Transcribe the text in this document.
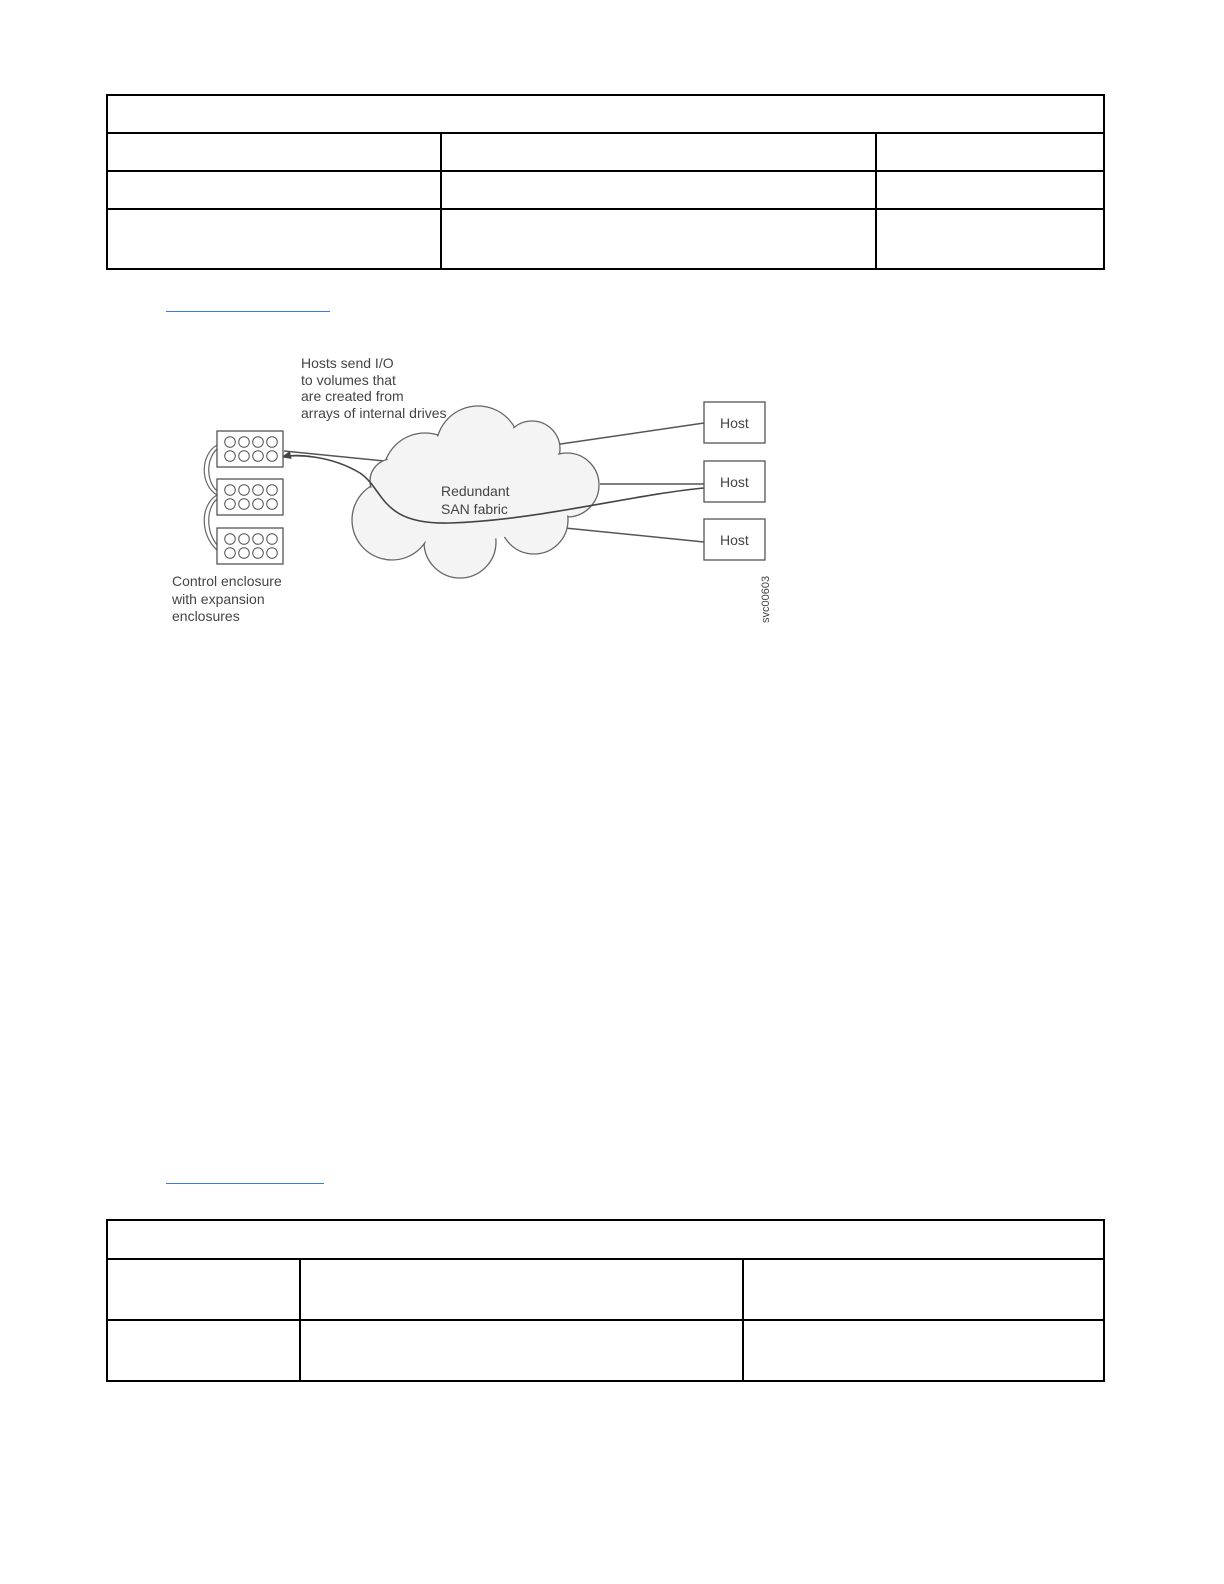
Hosts send I/O to volumes that are created from arrays of internal drives
Redundant SAN fabric
Host
Host
Host
Control enclosure with expansion enclosures	svc00603
